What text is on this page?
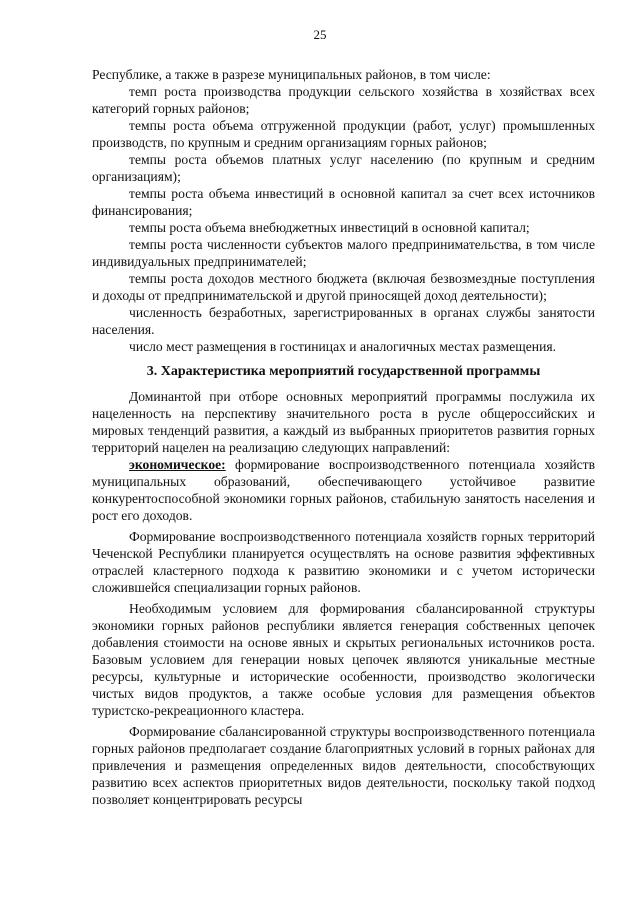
25

Республике, а также в разрезе муниципальных районов, в том числе:

темп роста производства продукции сельского хозяйства в хозяйствах всех категорий горных районов;

темпы роста объема отгруженной продукции (работ, услуг) промышленных производств, по крупным и средним организациям горных районов;

темпы роста объемов платных услуг населению (по крупным и средним организациям);

темпы роста объема инвестиций в основной капитал за счет всех источников финансирования;

темпы роста объема внебюджетных инвестиций в основной капитал;

темпы роста численности субъектов малого предпринимательства, в том числе индивидуальных предпринимателей;

темпы роста доходов местного бюджета (включая безвозмездные поступления и доходы от предпринимательской и другой приносящей доход деятельности);

численность безработных, зарегистрированных в органах службы занятости населения.

число мест размещения в гостиницах и аналогичных местах размещения.

3. Характеристика мероприятий государственной программы

Доминантой при отборе основных мероприятий программы послужила их нацеленность на перспективу значительного роста в русле общероссийских и мировых тенденций развития, а каждый из выбранных приоритетов развития горных территорий нацелен на реализацию следующих направлений:

экономическое: формирование воспроизводственного потенциала хозяйств муниципальных образований, обеспечивающего устойчивое развитие конкурентоспособной экономики горных районов, стабильную занятость населения и рост его доходов.

Формирование воспроизводственного потенциала хозяйств горных территорий Чеченской Республики планируется осуществлять на основе развития эффективных отраслей кластерного подхода к развитию экономики и с учетом исторически сложившейся специализации горных районов.

Необходимым условием для формирования сбалансированной структуры экономики горных районов республики является генерация собственных цепочек добавления стоимости на основе явных и скрытых региональных источников роста. Базовым условием для генерации новых цепочек являются уникальные местные ресурсы, культурные и исторические особенности, производство экологически чистых видов продуктов, а также особые условия для размещения объектов туристско-рекреационного кластера.

Формирование сбалансированной структуры воспроизводственного потенциала горных районов предполагает создание благоприятных условий в горных районах для привлечения и размещения определенных видов деятельности, способствующих развитию всех аспектов приоритетных видов деятельности, поскольку такой подход позволяет концентрировать ресурсы
